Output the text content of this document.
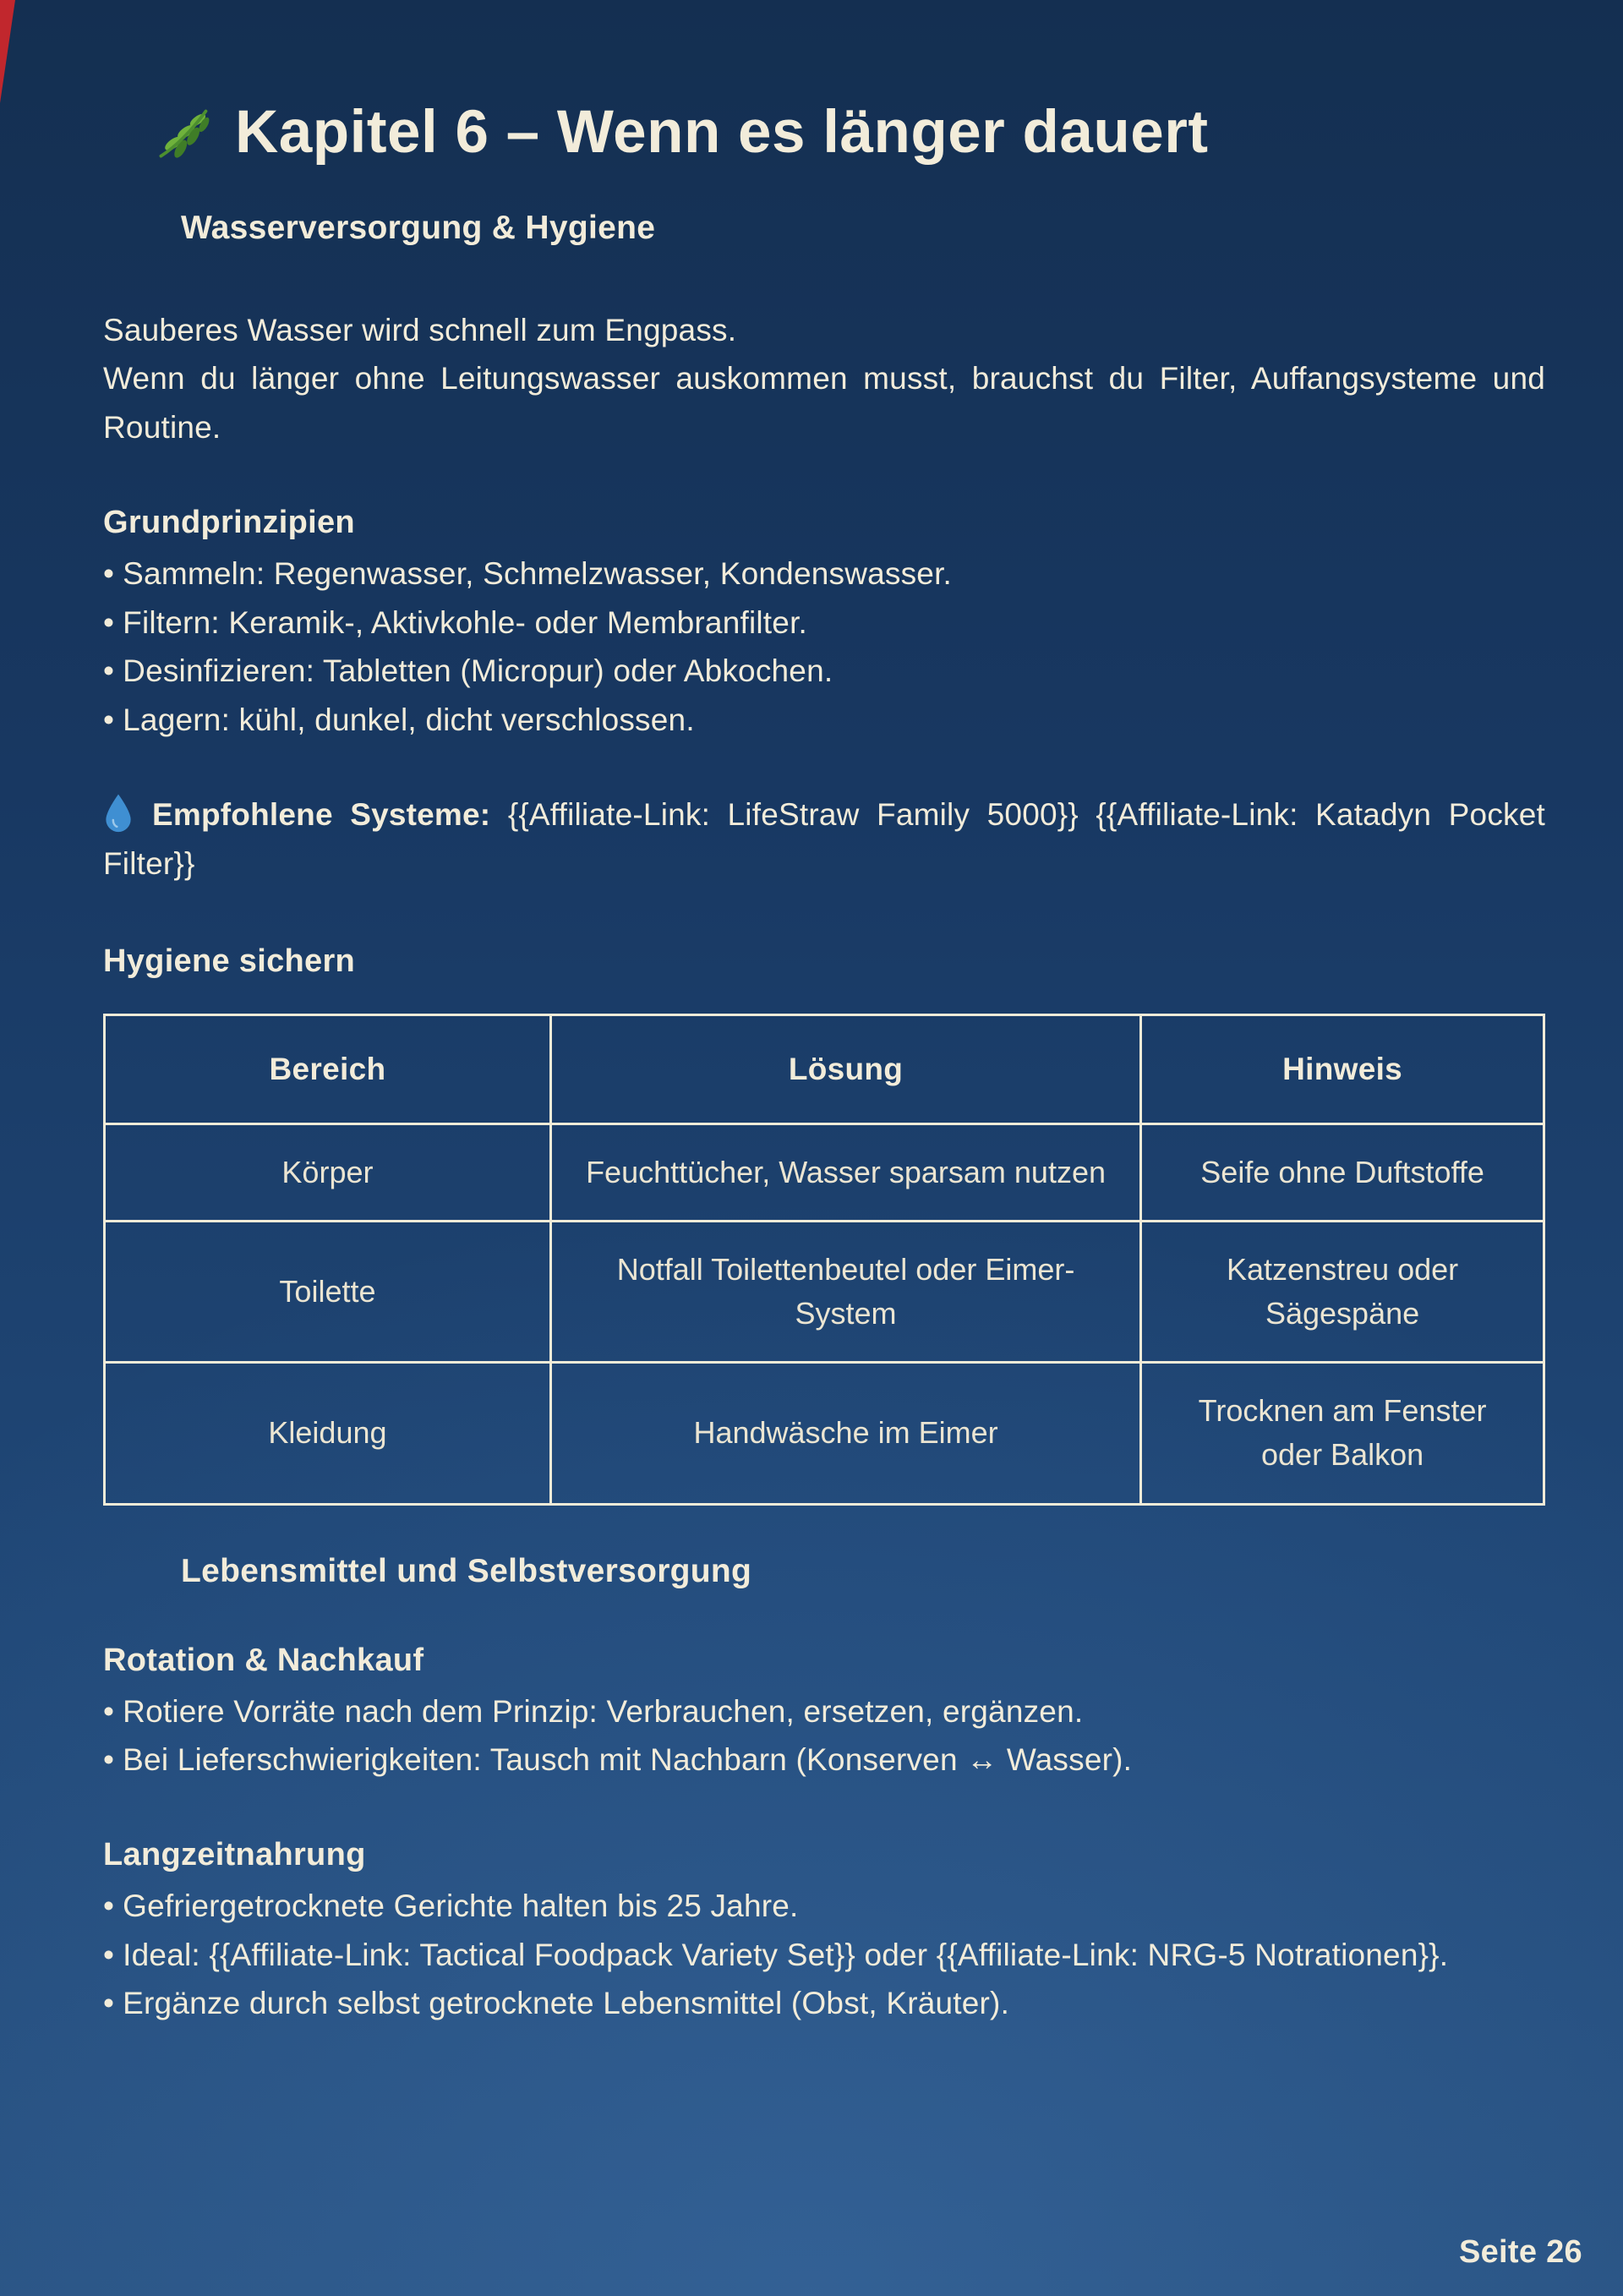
Kapitel 6 – Wenn es länger dauert
Wasserversorgung & Hygiene

Sauberes Wasser wird schnell zum Engpass.
Wenn du länger ohne Leitungswasser auskommen musst, brauchst du Filter, Auffangsysteme und Routine.

Grundprinzipien
• Sammeln: Regenwasser, Schmelzwasser, Kondenswasser.
• Filtern: Keramik-, Aktivkohle- oder Membranfilter.
• Desinfizieren: Tabletten (Micropur) oder Abkochen.
• Lagern: kühl, dunkel, dicht verschlossen.

Empfohlene Systeme: {{Affiliate-Link: LifeStraw Family 5000}} {{Affiliate-Link: Katadyn Pocket Filter}}

Hygiene sichern
Bereich	Lösung	Hinweis
Körper	Feuchttücher, Wasser sparsam nutzen	Seife ohne Duftstoffe
Toilette	Notfall Toilettenbeutel oder Eimer-System	Katzenstreu oder Sägespäne
Kleidung	Handwäsche im Eimer	Trocknen am Fenster oder Balkon
Lebensmittel und Selbstversorgung
Rotation & Nachkauf
• Rotiere Vorräte nach dem Prinzip: Verbrauchen, ersetzen, ergänzen.
• Bei Lieferschwierigkeiten: Tausch mit Nachbarn (Konserven ↔ Wasser).
Langzeitnahrung
• Gefriergetrocknete Gerichte halten bis 25 Jahre.
• Ideal: {{Affiliate-Link: Tactical Foodpack Variety Set}} oder {{Affiliate-Link: NRG-5 Notrationen}}.
• Ergänze durch selbst getrocknete Lebensmittel (Obst, Kräuter).
Seite 26
